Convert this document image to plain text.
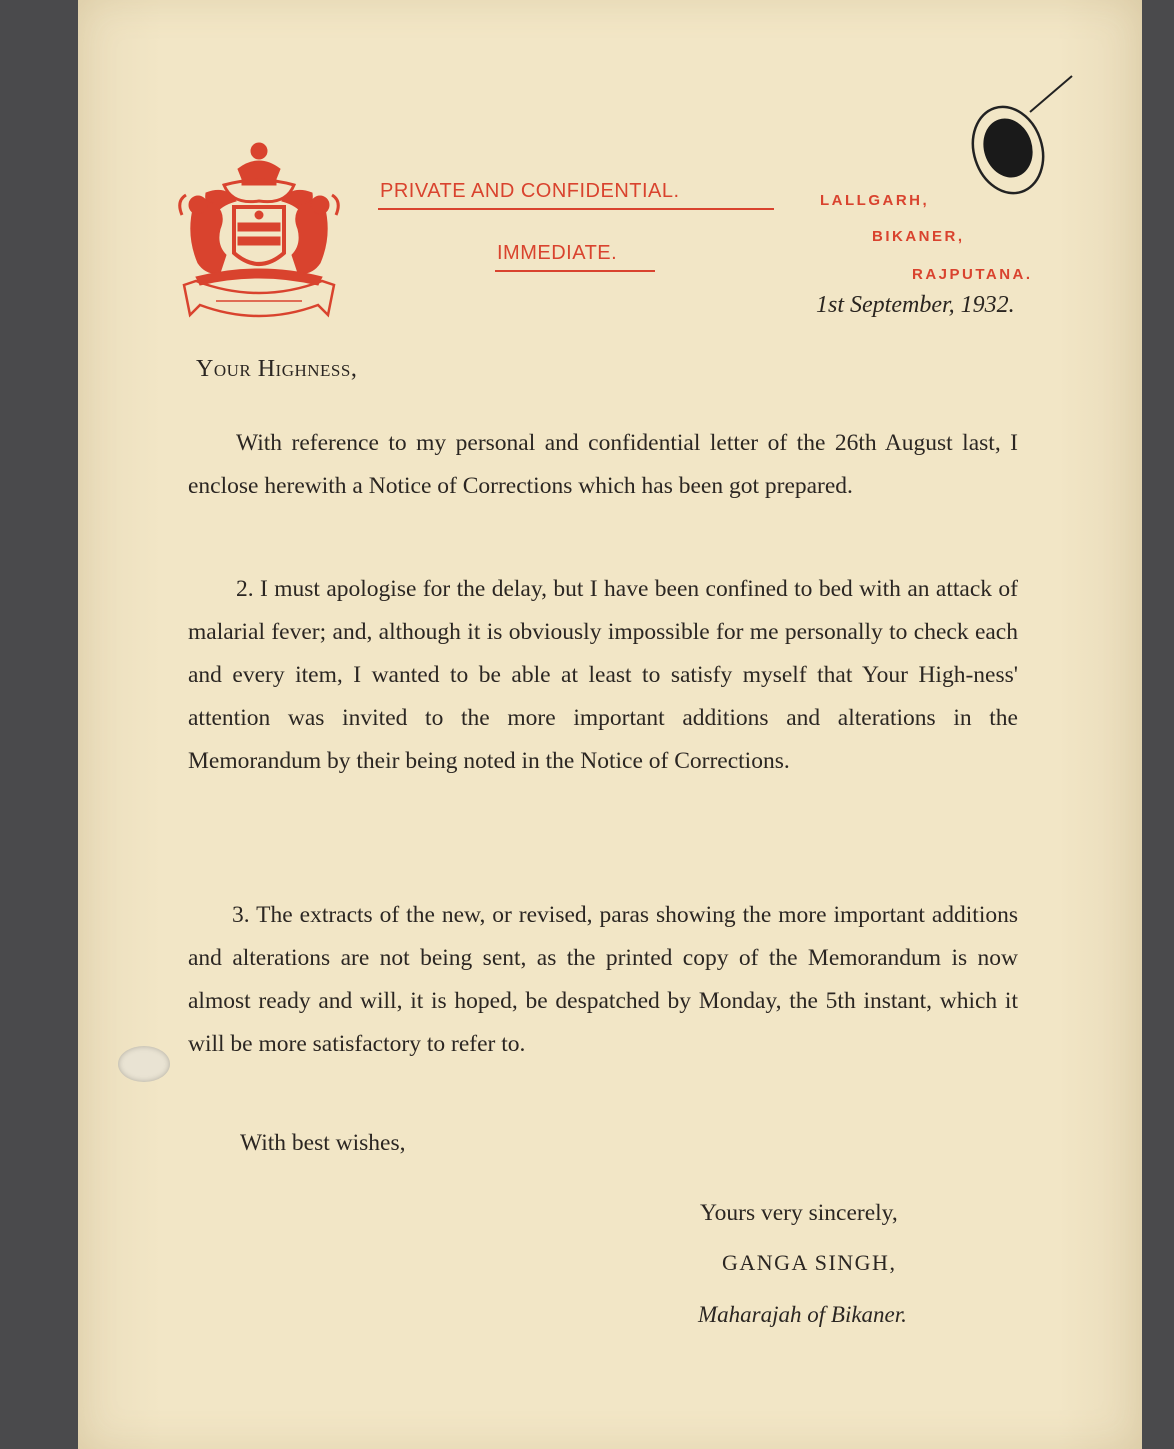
PRIVATE AND CONFIDENTIAL.
IMMEDIATE.
LALLGARH,
BIKANER,
RAJPUTANA.
1st September, 1932.
Your Highness,
With reference to my personal and confidential letter of the 26th August last, I enclose herewith a Notice of Corrections which has been got prepared.
2. I must apologise for the delay, but I have been confined to bed with an attack of malarial fever; and, although it is obviously impossible for me personally to check each and every item, I wanted to be able at least to satisfy myself that Your High-ness' attention was invited to the more important additions and alterations in the Memorandum by their being noted in the Notice of Corrections.
3. The extracts of the new, or revised, paras showing the more important additions and alterations are not being sent, as the printed copy of the Memorandum is now almost ready and will, it is hoped, be despatched by Monday, the 5th instant, which it will be more satisfactory to refer to.
With best wishes,
Yours very sincerely,
GANGA SINGH,
Maharajah of Bikaner.
